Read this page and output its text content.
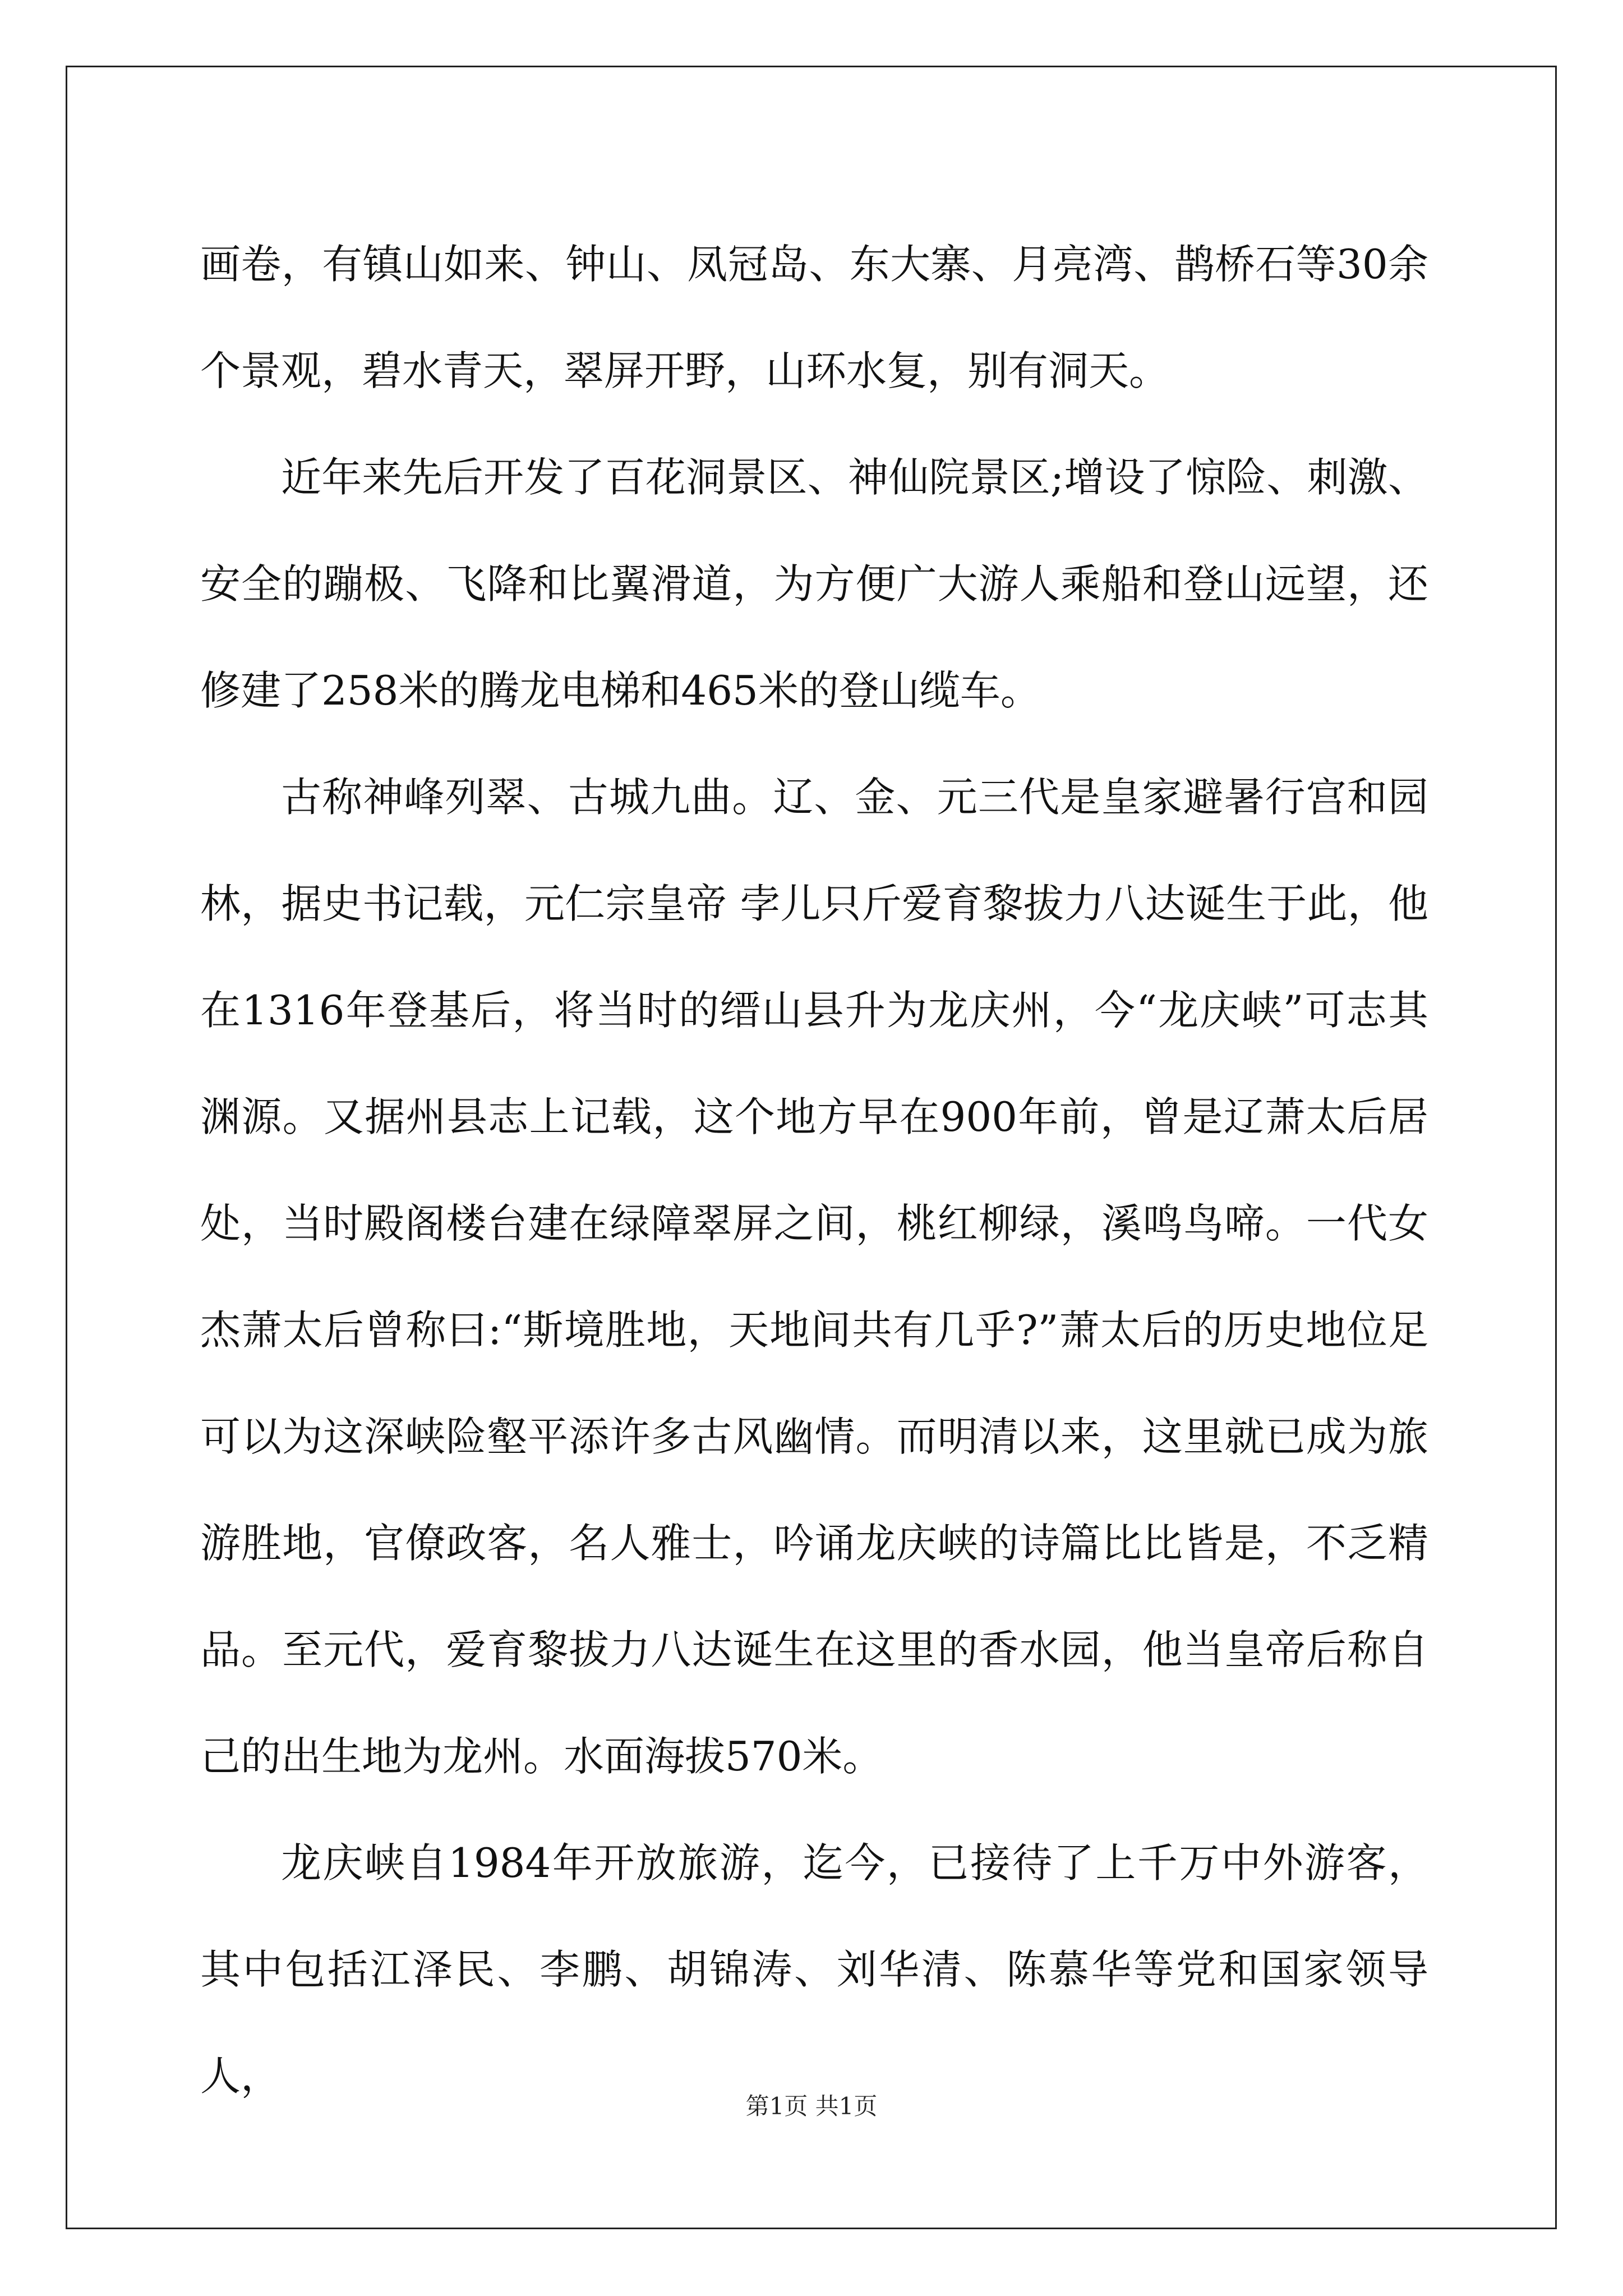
画卷，有镇山如来、钟山、凤冠岛、东大寨、月亮湾、鹊桥石等30余个景观，碧水青天，翠屏开野，山环水复，别有洞天。

近年来先后开发了百花洞景区、神仙院景区;增设了惊险、刺激、安全的蹦极、飞降和比翼滑道，为方便广大游人乘船和登山远望，还修建了258米的腾龙电梯和465米的登山缆车。

古称神峰列翠、古城九曲。辽、金、元三代是皇家避暑行宫和园林，据史书记载，元仁宗皇帝 孛儿只斤爱育黎拔力八达诞生于此，他在1316年登基后，将当时的缙山县升为龙庆州，今“龙庆峡”可志其渊源。又据州县志上记载，这个地方早在900年前，曾是辽萧太后居处，当时殿阁楼台建在绿障翠屏之间，桃红柳绿，溪鸣鸟啼。一代女杰萧太后曾称曰:“斯境胜地，天地间共有几乎?”萧太后的历史地位足可以为这深峡险壑平添许多古风幽情。而明清以来，这里就已成为旅游胜地，官僚政客，名人雅士，吟诵龙庆峡的诗篇比比皆是，不乏精品。至元代，爱育黎拔力八达诞生在这里的香水园，他当皇帝后称自己的出生地为龙州。水面海拔570米。

龙庆峡自1984年开放旅游，迄今，已接待了上千万中外游客，其中包括江泽民、李鹏、胡锦涛、刘华清、陈慕华等党和国家领导人，

第1页 共1页
